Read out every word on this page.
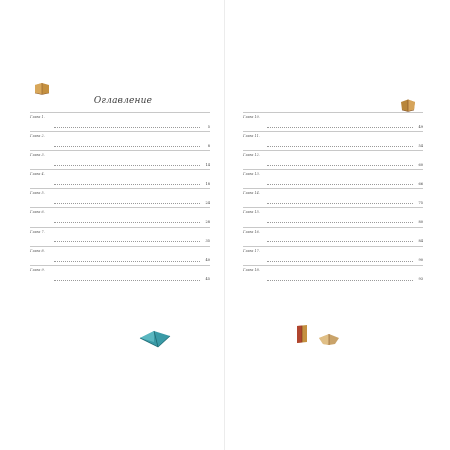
Оглавление
Глава 1.
5
Глава 2.
8
Глава 3.
14
Глава 4.
18
Глава 5.
24
Глава 6.
28
Глава 7.
35
Глава 8.
40
Глава 9.
45
Глава 10.
49
Глава 11.
54
Глава 12.
60
Глава 13.
66
Глава 14.
75
Глава 15.
80
Глава 16.
84
Глава 17.
90
Глава 18.
93
